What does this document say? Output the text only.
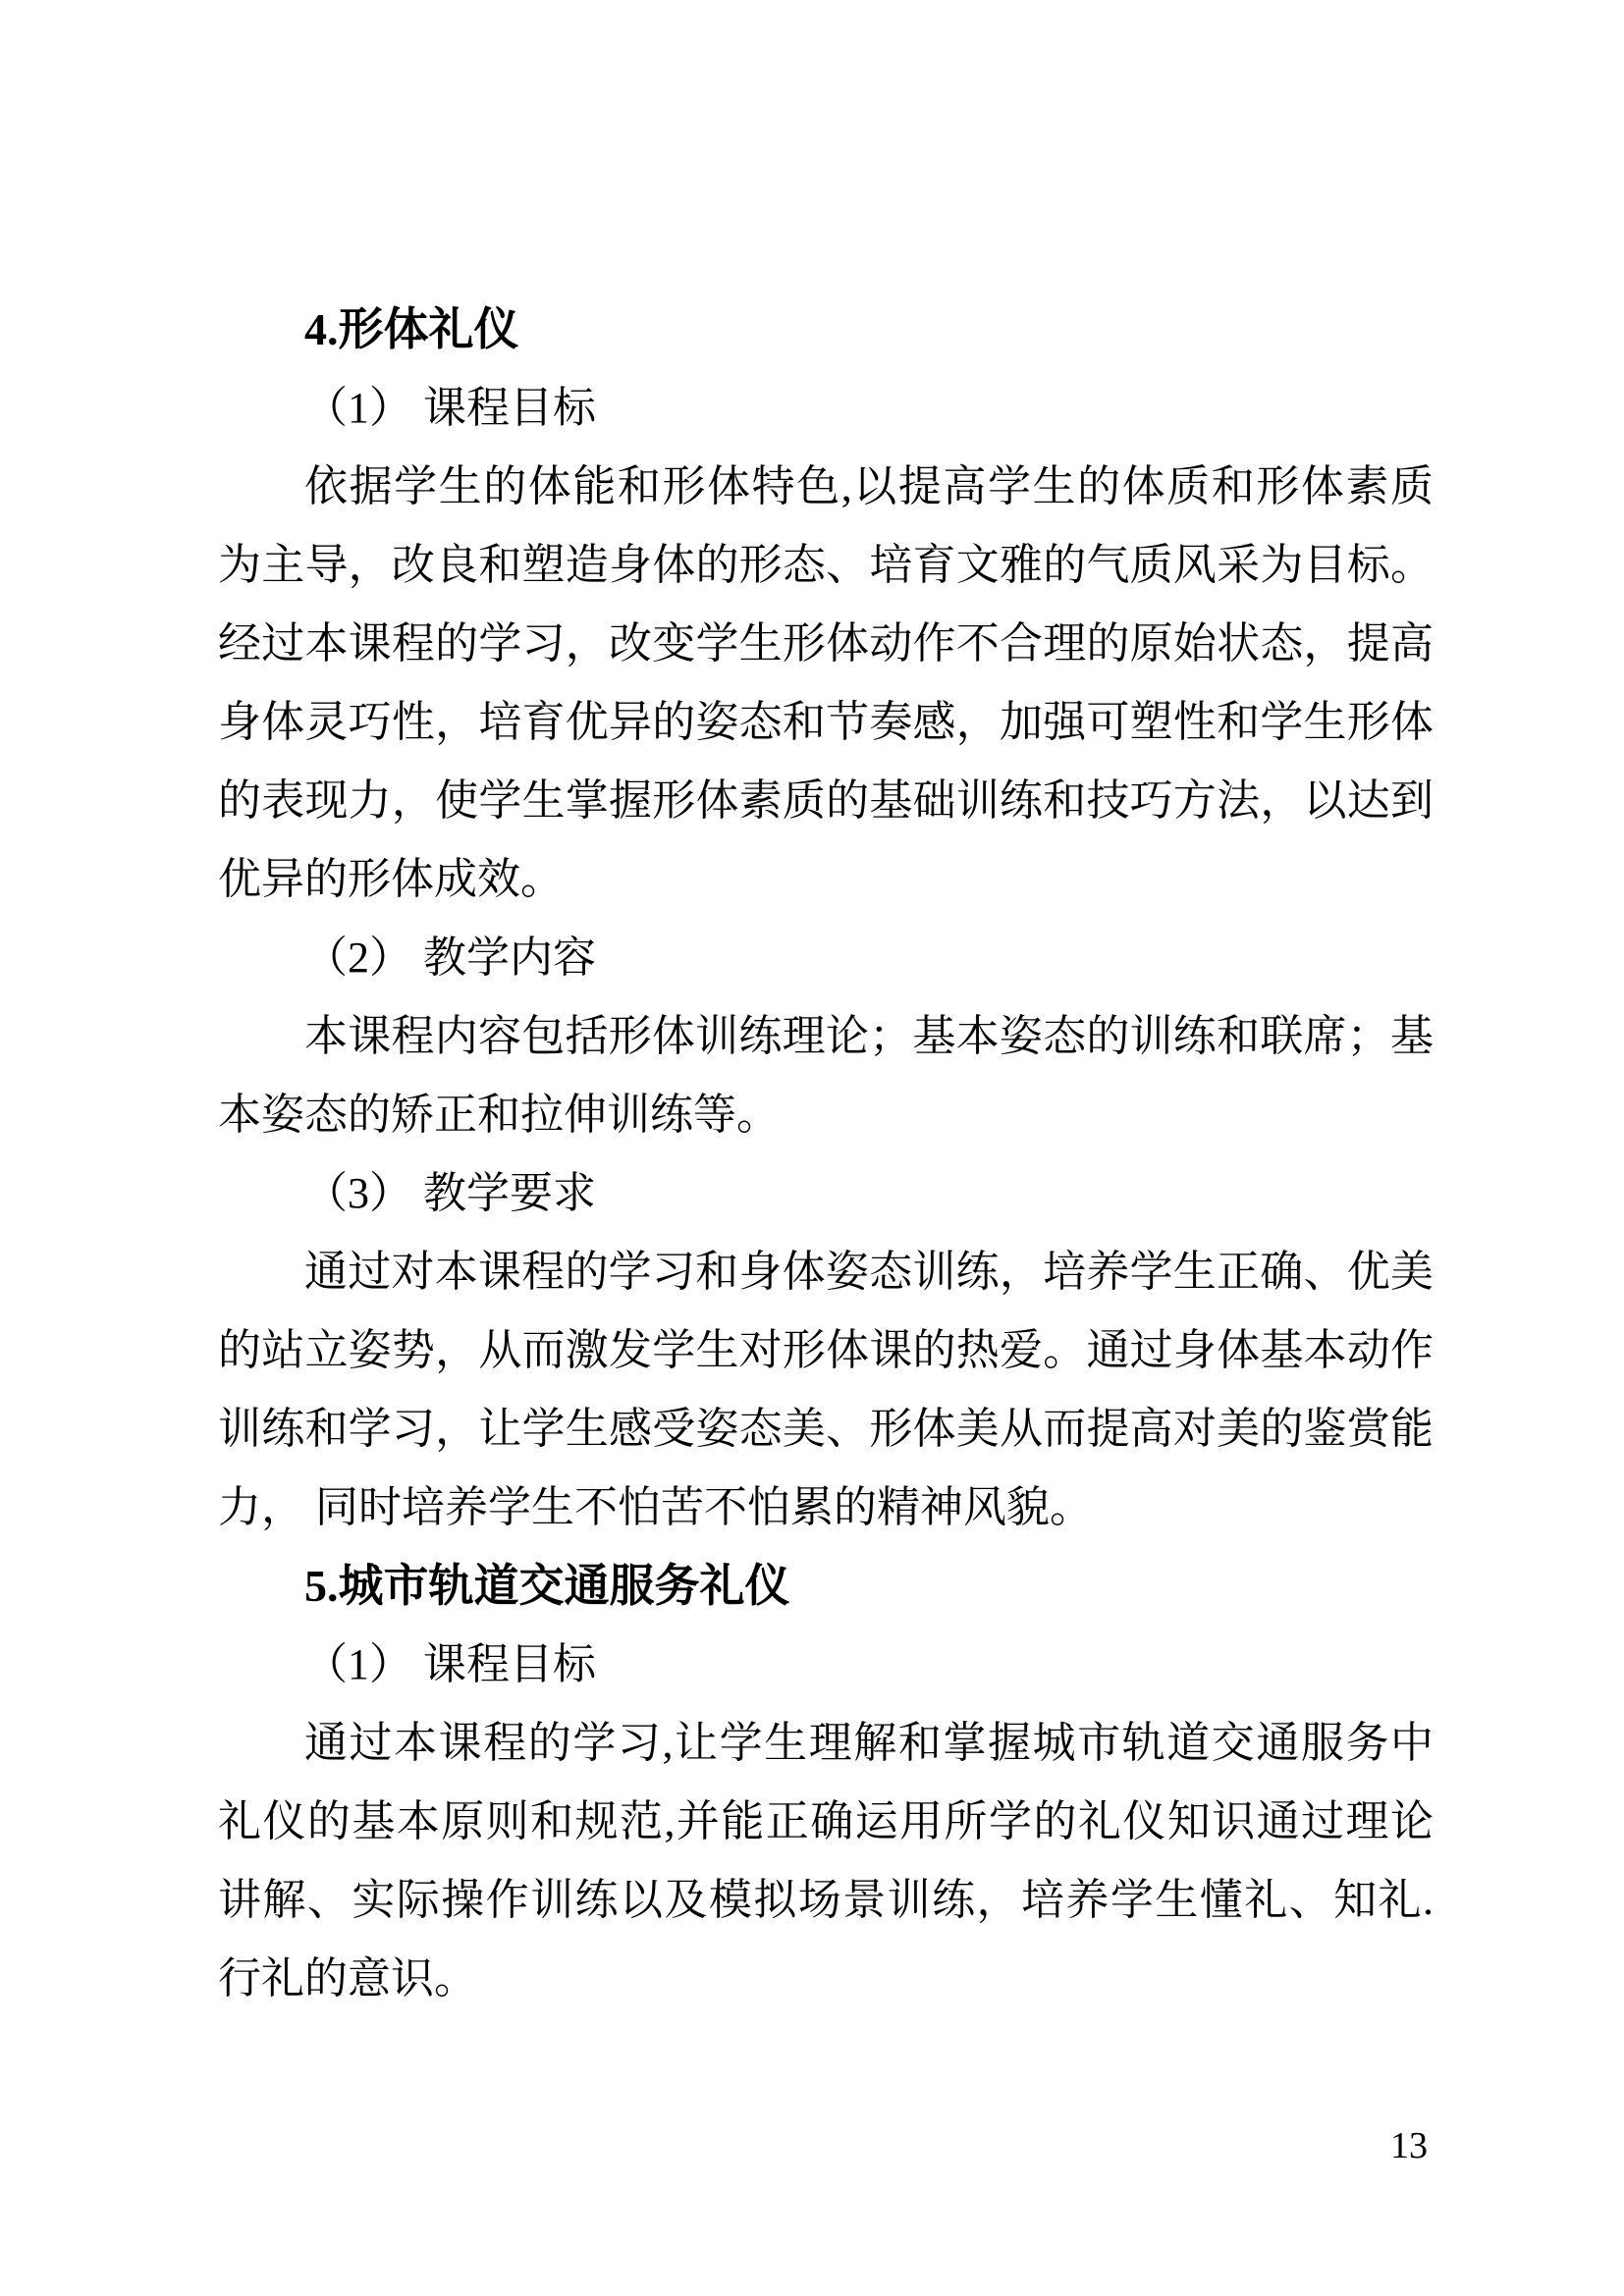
4.形体礼仪
（1） 课程目标
依据学生的体能和形体特色,以提高学生的体质和形体素质
为主导，改良和塑造身体的形态、培育文雅的气质风采为目标。
经过本课程的学习，改变学生形体动作不合理的原始状态，提高
身体灵巧性，培育优异的姿态和节奏感，加强可塑性和学生形体
的表现力，使学生掌握形体素质的基础训练和技巧方法，以达到
优异的形体成效。
（2） 教学内容
本课程内容包括形体训练理论；基本姿态的训练和联席；基
本姿态的矫正和拉伸训练等。
（3） 教学要求
通过对本课程的学习和身体姿态训练，培养学生正确、优美
的站立姿势，从而激发学生对形体课的热爱。通过身体基本动作
训练和学习，让学生感受姿态美、形体美从而提高对美的鉴赏能
力， 同时培养学生不怕苦不怕累的精神风貌。
5.城市轨道交通服务礼仪
（1） 课程目标
通过本课程的学习,让学生理解和掌握城市轨道交通服务中
礼仪的基本原则和规范,并能正确运用所学的礼仪知识通过理论
讲解、实际操作训练以及模拟场景训练，培养学生懂礼、知礼.
行礼的意识。
13
